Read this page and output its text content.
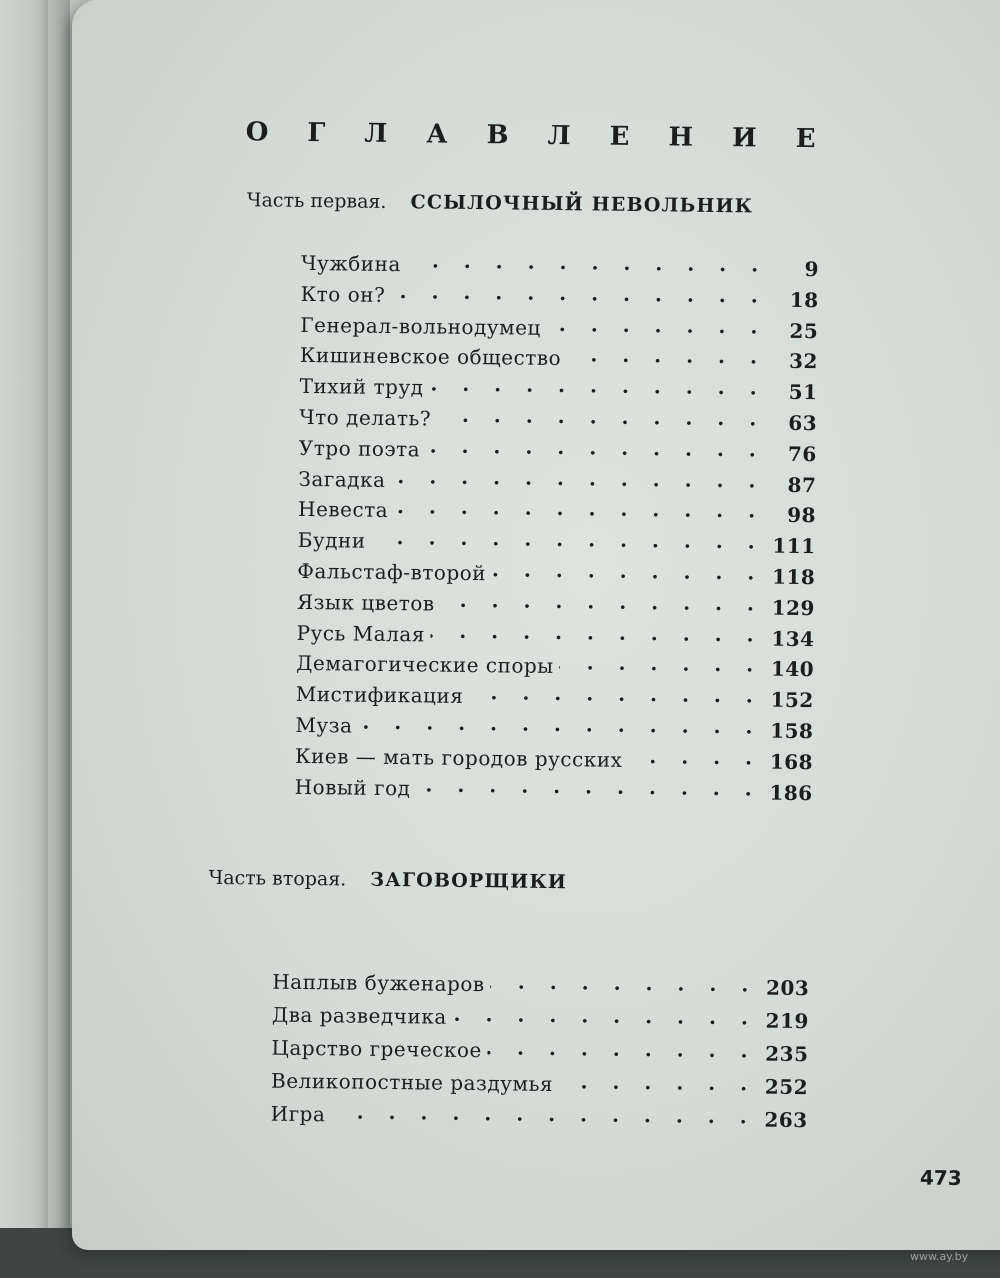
О Г Л А В Л Е Н И Е
Часть первая. ССЫЛОЧНЫЙ НЕВОЛЬНИК
Чужбина . . .	9
Кто он? . . .	18
Генерал-вольнодумец . . .	25
Кишиневское общество . . .	32
Тихий труд . . .	51
Что делать? . . .	63
Утро поэта . . .	76
Загадка . . .	87
Невеста . . .	98
Будни . . .	111
Фальстаф-второй . . .	118
Язык цветов . . .	129
Русь Малая . . .	134
Демагогические споры . . .	140
Мистификация . . .	152
Муза . . .	158
Киев — мать городов русских . . .	168
Новый год . . .	186
Часть вторая. ЗАГОВОРЩИКИ
Наплыв буженаров . . .	203
Два разведчика . . .	219
Царство греческое . . .	235
Великопостные раздумья . . .	252
Игра . . .	263
473
www.ay.by
